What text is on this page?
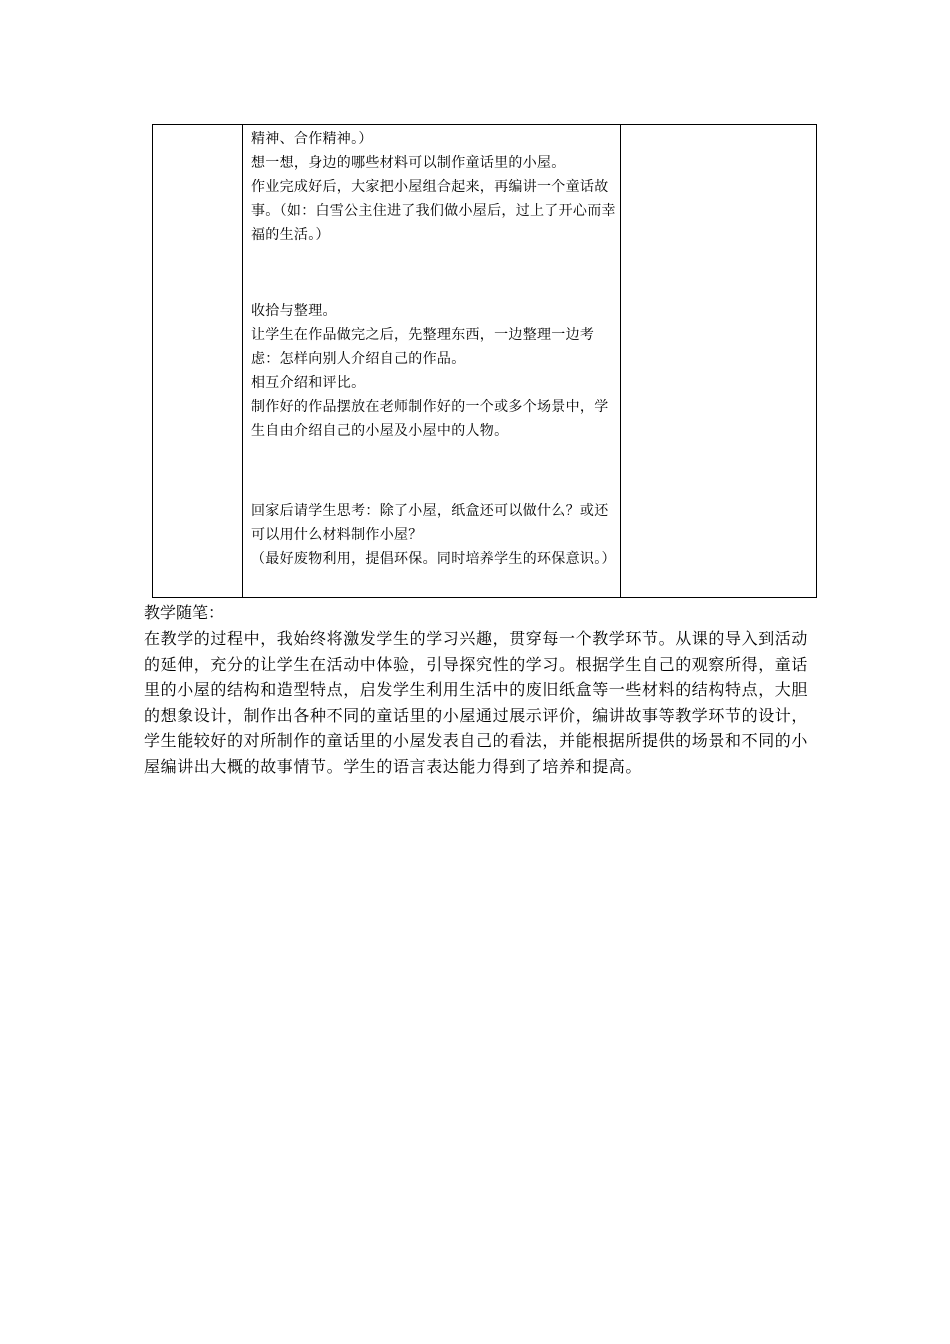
精神、合作精神。）
想一想，身边的哪些材料可以制作童话里的小屋。
作业完成好后，大家把小屋组合起来，再编讲一个童话故事。（如：白雪公主住进了我们做小屋后，过上了开心而幸福的生活。）
收拾与整理。
让学生在作品做完之后，先整理东西，一边整理一边考虑：怎样向别人介绍自己的作品。
相互介绍和评比。
制作好的作品摆放在老师制作好的一个或多个场景中，学生自由介绍自己的小屋及小屋中的人物。
回家后请学生思考：除了小屋，纸盒还可以做什么？或还可以用什么材料制作小屋？
（最好废物利用，提倡环保。同时培养学生的环保意识。）
教学随笔：
在教学的过程中，我始终将激发学生的学习兴趣，贯穿每一个教学环节。从课的导入到活动的延伸，充分的让学生在活动中体验，引导探究性的学习。根据学生自己的观察所得，童话里的小屋的结构和造型特点，启发学生利用生活中的废旧纸盒等一些材料的结构特点，大胆的想象设计，制作出各种不同的童话里的小屋通过展示评价，编讲故事等教学环节的设计，学生能较好的对所制作的童话里的小屋发表自己的看法，并能根据所提供的场景和不同的小屋编讲出大概的故事情节。学生的语言表达能力得到了培养和提高。
